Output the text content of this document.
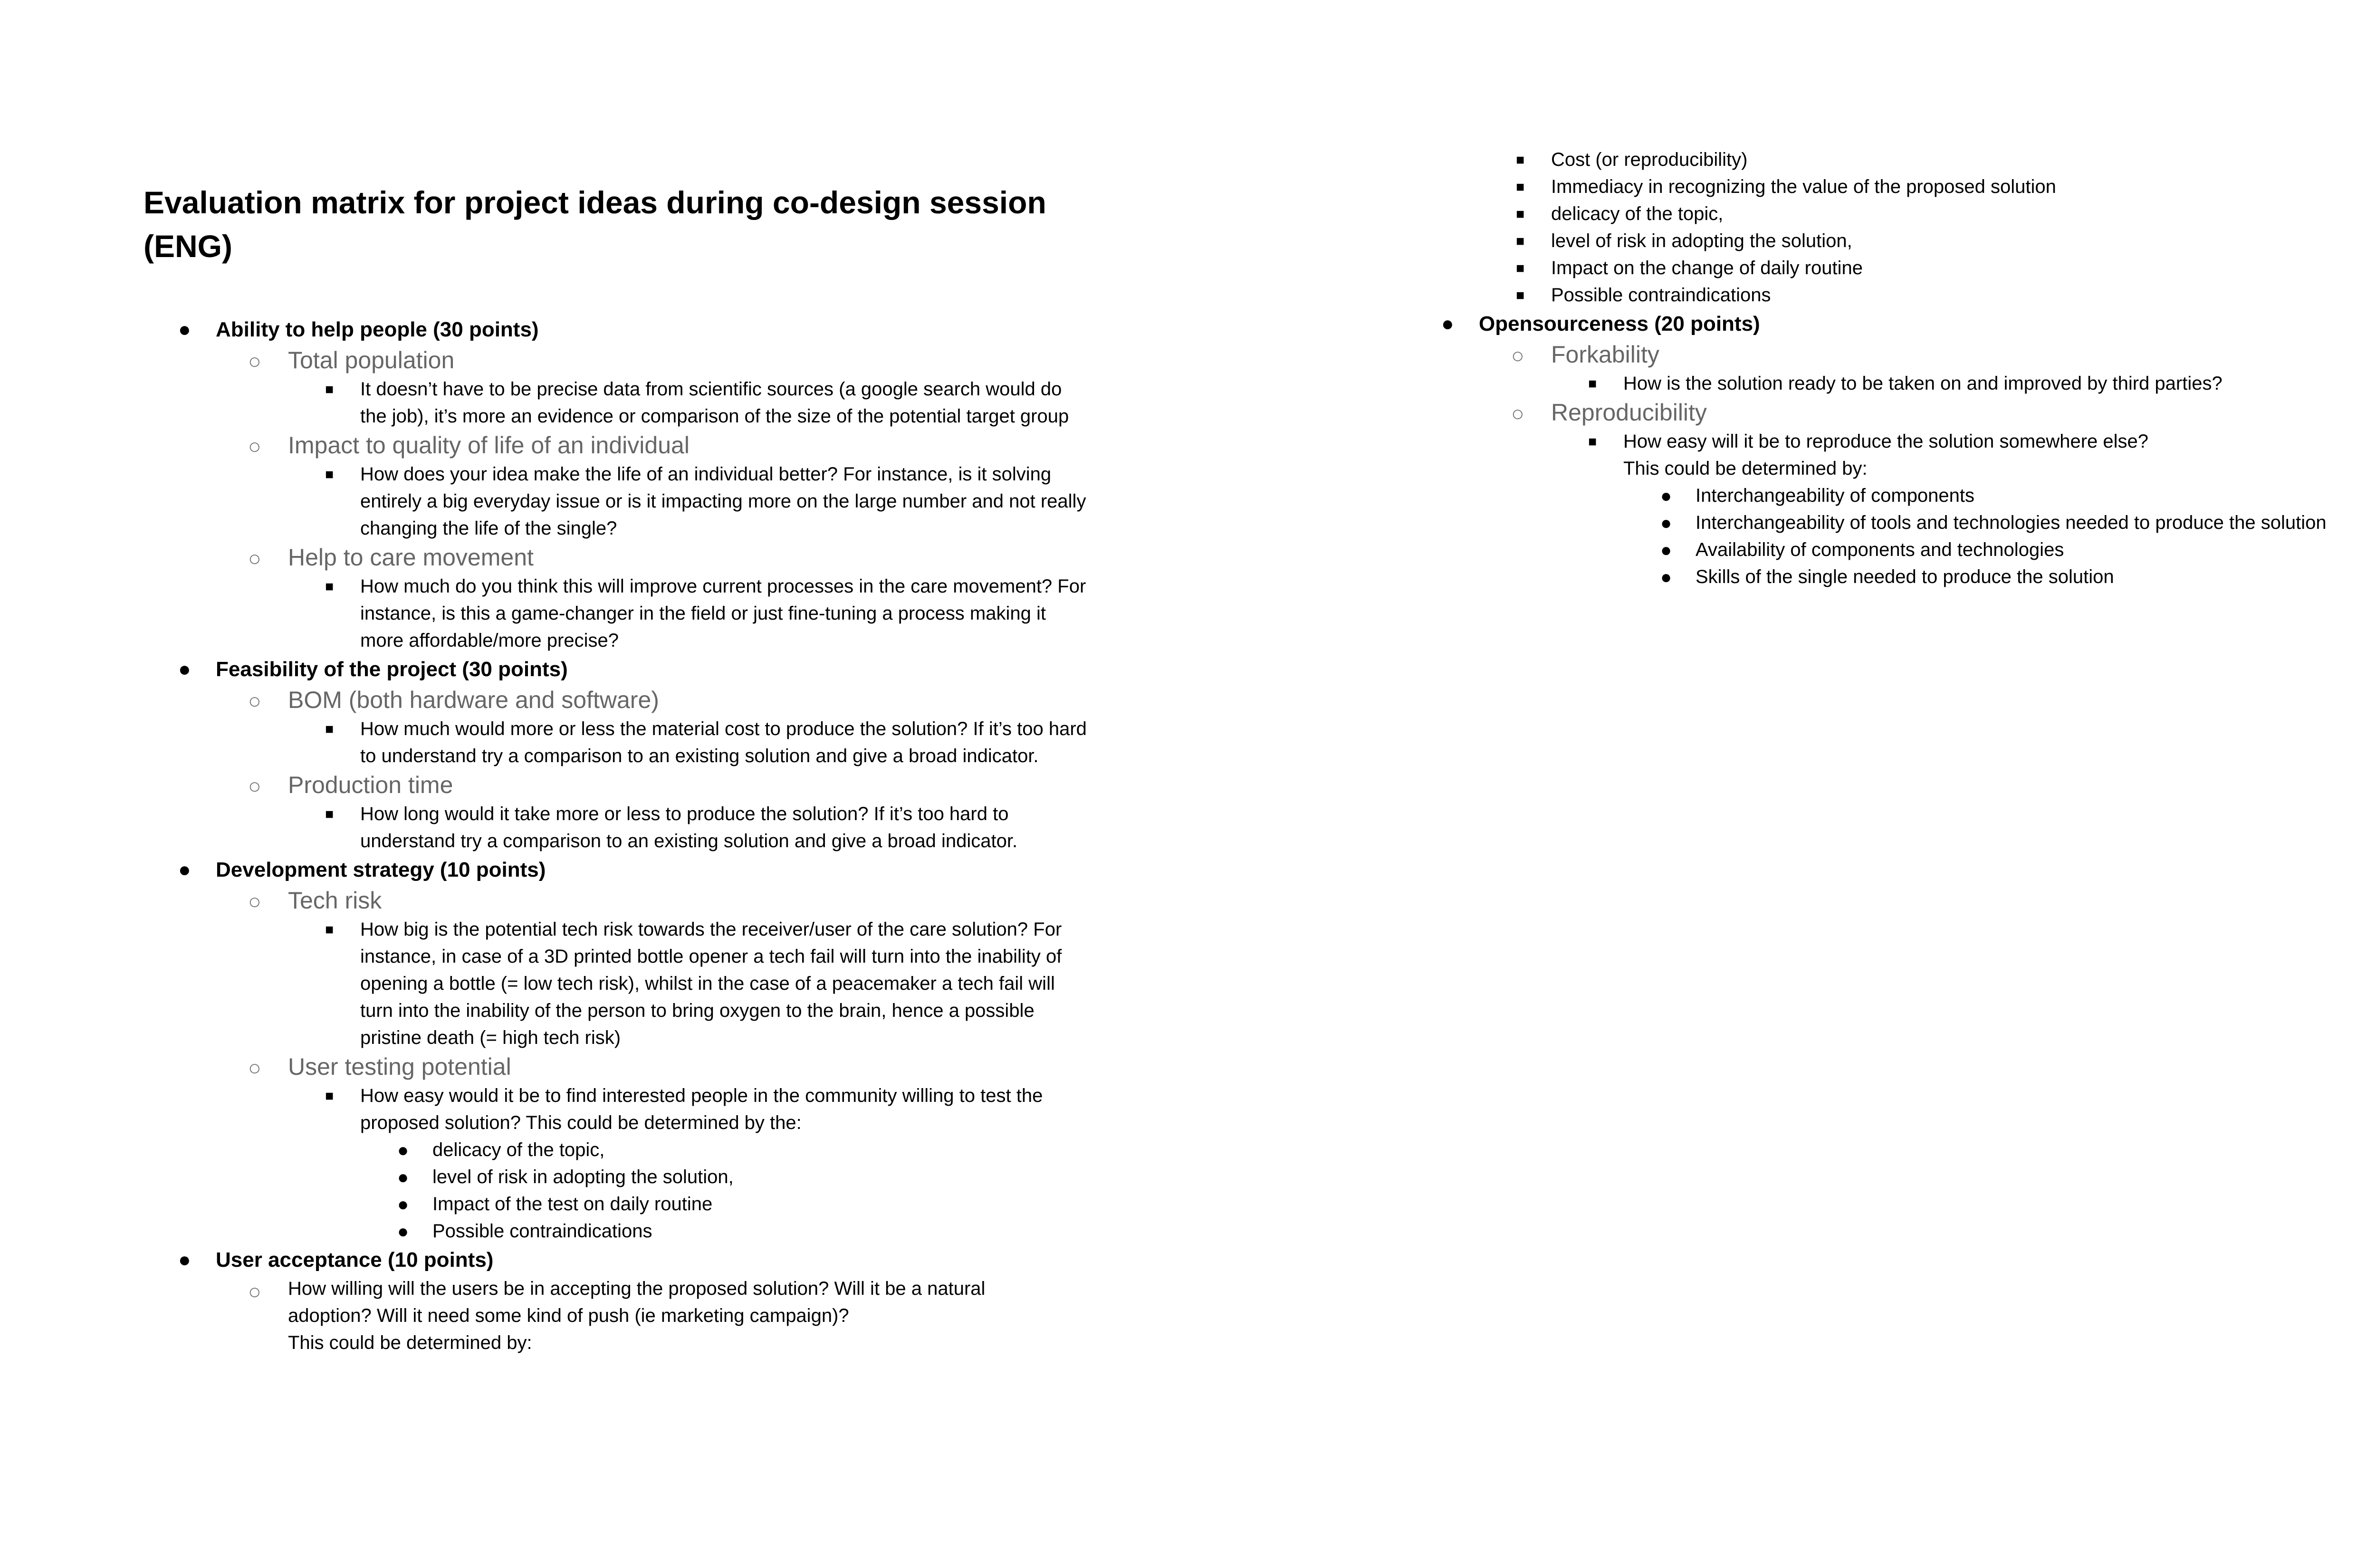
Evaluation matrix for project ideas during co-design session (ENG)
● Ability to help people (30 points)
○ Total population
■ It doesn’t have to be precise data from scientific sources (a google search would do the job), it’s more an evidence or comparison of the size of the potential target group
○ Impact to quality of life of an individual
■ How does your idea make the life of an individual better? For instance, is it solving entirely a big everyday issue or is it impacting more on the large number and not really changing the life of the single?
○ Help to care movement
■ How much do you think this will improve current processes in the care movement? For instance, is this a game-changer in the field or just fine-tuning a process making it more affordable/more precise?
● Feasibility of the project (30 points)
○ BOM (both hardware and software)
■ How much would more or less the material cost to produce the solution? If it’s too hard to understand try a comparison to an existing solution and give a broad indicator.
○ Production time
■ How long would it take more or less to produce the solution? If it’s too hard to understand try a comparison to an existing solution and give a broad indicator.
● Development strategy (10 points)
○ Tech risk
■ How big is the potential tech risk towards the receiver/user of the care solution? For instance, in case of a 3D printed bottle opener a tech fail will turn into the inability of opening a bottle (= low tech risk), whilst in the case of a peacemaker a tech fail will turn into the inability of the person to bring oxygen to the brain, hence a possible pristine death (= high tech risk)
○ User testing potential
■ How easy would it be to find interested people in the community willing to test the proposed solution? This could be determined by the:
● delicacy of the topic,
● level of risk in adopting the solution,
● Impact of the test on daily routine
● Possible contraindications
● User acceptance (10 points)
○ How willing will the users be in accepting the proposed solution? Will it be a natural adoption? Will it need some kind of push (ie marketing campaign)?
This could be determined by:
■ Cost (or reproducibility)
■ Immediacy in recognizing the value of the proposed solution
■ delicacy of the topic,
■ level of risk in adopting the solution,
■ Impact on the change of daily routine
■ Possible contraindications
● Opensourceness (20 points)
○ Forkability
■ How is the solution ready to be taken on and improved by third parties?
○ Reproducibility
■ How easy will it be to reproduce the solution somewhere else?
This could be determined by:
● Interchangeability of components
● Interchangeability of tools and technologies needed to produce the solution
● Availability of components and technologies
● Skills of the single needed to produce the solution
